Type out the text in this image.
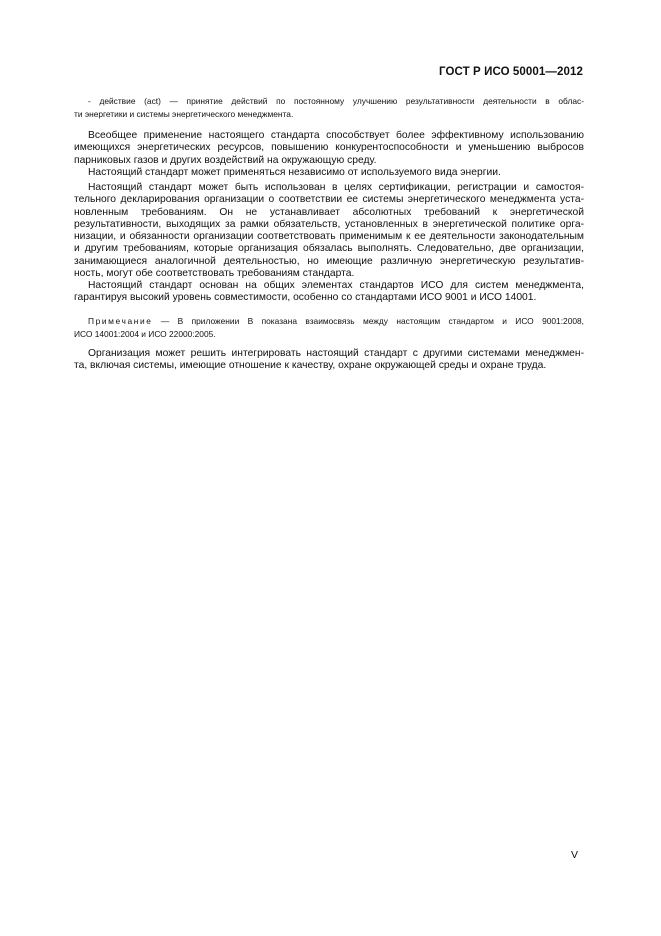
ГОСТ Р ИСО 50001—2012
- действие (act) — принятие действий по постоянному улучшению результативности деятельности в облас-
ти энергетики и системы энергетического менеджмента.
Всеобщее применение настоящего стандарта способствует более эффективному использованию
имеющихся энергетических ресурсов, повышению конкурентоспособности и уменьшению выбросов
парниковых газов и других воздействий на окружающую среду.
Настоящий стандарт может применяться независимо от используемого вида энергии.
Настоящий стандарт может быть использован в целях сертификации, регистрации и самостоя-
тельного декларирования организации о соответствии ее системы энергетического менеджмента уста-
новленным требованиям. Он не устанавливает абсолютных требований к энергетической
результативности, выходящих за рамки обязательств, установленных в энергетической политике орга-
низации, и обязанности организации соответствовать применимым к ее деятельности законодательным
и другим требованиям, которые организация обязалась выполнять. Следовательно, две организации,
занимающиеся аналогичной деятельностью, но имеющие различную энергетическую результатив-
ность, могут обе соответствовать требованиям стандарта.
Настоящий стандарт основан на общих элементах стандартов ИСО для систем менеджмента,
гарантируя высокий уровень совместимости, особенно со стандартами ИСО 9001 и ИСО 14001.
Примечание — В приложении В показана взаимосвязь между настоящим стандартом и ИСО 9001:2008,
ИСО 14001:2004 и ИСО 22000:2005.
Организация может решить интегрировать настоящий стандарт с другими системами менеджмен-
та, включая системы, имеющие отношение к качеству, охране окружающей среды и охране труда.
V
